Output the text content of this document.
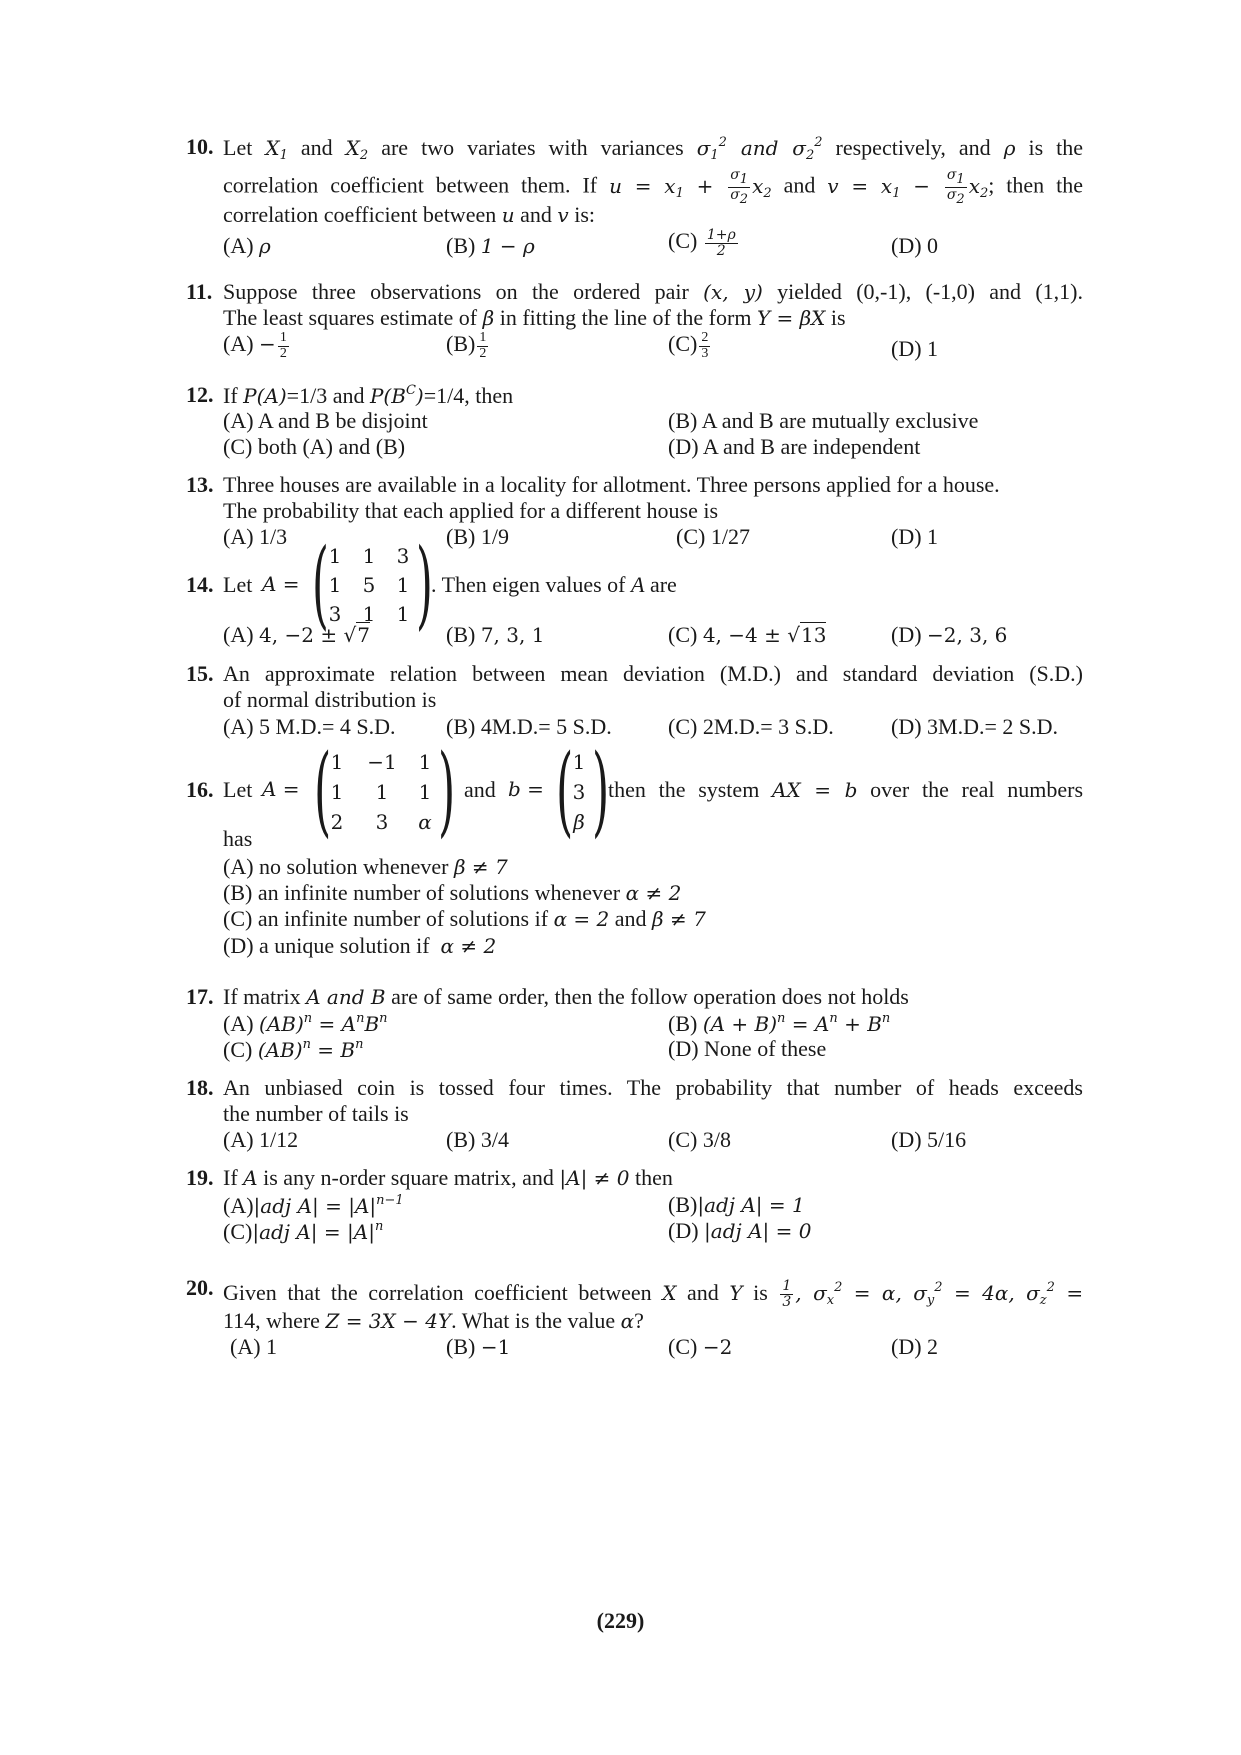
10. Let $X_1$ and $X_2$ are two variates with variances $\sigma_1^2$ and $\sigma_2^2$ respectively, and ρ is the
correlation coefficient between them. If $u = x_1 + \frac{\sigma 1}{\sigma 2} x_2$ and $v = x_1 - \frac{\sigma 1}{\sigma 2} x_2$; then the
correlation coefficient between u and v is:
(A) ρ	(B) 1 − ρ	$(C) \frac{1+\rho}{2}$	(D) 0
11. Suppose three observations on the ordered pair (x, y) yielded (0,-1), (-1,0) and (1,1).
The least squares estimate of β in fitting the line of the form Y = βX is
$(A) - \frac{1}{2}$	$(B) \frac{1}{2}$	$(C) \frac{2}{3}$	(D) 1
12. If P(A)=1/3 and $P(B^C)=1/4$, then
(A) A and B be disjoint	(B) A and B are mutually exclusive
(C) both (A) and (B)	(D) A and B are independent
13. Three houses are available in a locality for allotment. Three persons applied for a house.
The probability that each applied for a different house is
(A) 1/3	(B) 1/9	(C) 1/27	(D) 1
14. Let A = ( )
1	1	3
1	5	1
3	1	1
. Then eigen values of A are
(A) 4, −2 ± √7	(B) 7, 3, 1	(C) 4, −4 ± √13	(D) −2, 3, 6
15. An approximate relation between mean deviation (M.D.) and standard deviation (S.D.)
of normal distribution is
(A) 5 M.D.= 4 S.D. (B) 4M.D.= 5 S.D.	(C) 2M.D.= 3 S.D.	(D) 3M.D.= 2 S.D.
16. Let A = ( )
1	−1	1
1	1	1
2	3	α
and b = ( )
1
3
β
then the system AX = b over the real numbers
has
(A) no solution whenever β ≠ 7
(B) an infinite number of solutions whenever α ≠ 2
(C) an infinite number of solutions if α = 2 and β ≠ 7
(D) a unique solution if α ≠ 2
17. If matrix A and B are of same order, then the follow operation does not holds
(A) $(AB)^n = A^nB^n$	(B) $(A + B)^n = A^n + B^n$
(C) $(AB)^n = B^n$	(D) None of these
18. An unbiased coin is tossed four times. The probability that number of heads exceeds
the number of tails is
(A) 1/12	(B) 3/4	(C) 3/8	(D) 5/16
19. If A is any n-order square matrix, and |A| ≠ 0 then
(A)|adj $A| = |A|^{n-1}$	(B)|adj A| = 1
(C)|adj $A| = |A|^n$	(D) |adj A| = 0
20. Given that the correlation coefficient between X and Y is $\frac{1}{3}$ , $\sigma_x^2 = \alpha$, $\sigma_y^2 = 4\alpha$, $\sigma_z^2$ =
114, where Z = 3X − 4Y. What is the value α?
(A) 1	(B) −1	(C) −2	(D) 2
(229)
